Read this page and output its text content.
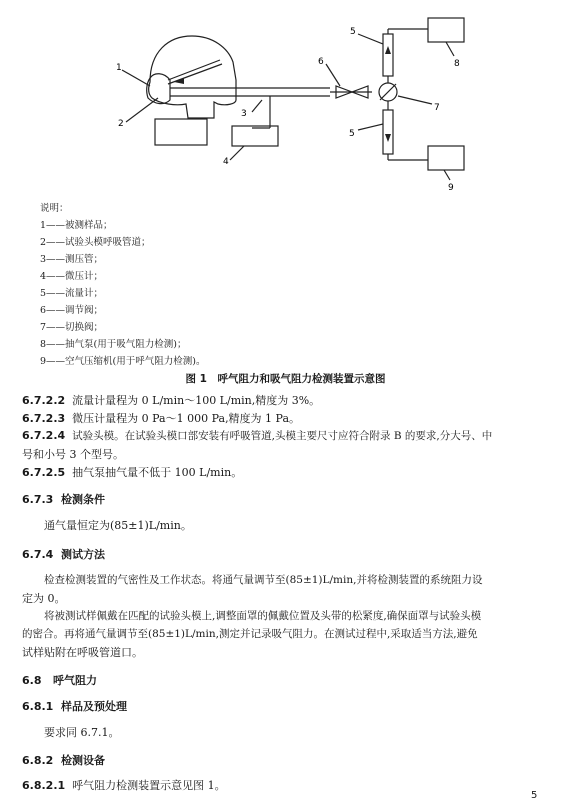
1
2
3
4
5
6
7
8
9
5
说明：
1——被测样品；
2——试验头模呼吸管道；
3——测压管；
4——微压计；
5——流量计；
6——调节阀；
7——切换阀；
8——抽气泵(用于吸气阻力检测)；
9——空气压缩机(用于呼气阻力检测)。
图 1　呼气阻力和吸气阻力检测装置示意图
6.7.2.2 流量计量程为 0 L/min～100 L/min,精度为 3%。
6.7.2.3 微压计量程为 0 Pa～1 000 Pa,精度为 1 Pa。
6.7.2.4 试验头模。在试验头模口部安装有呼吸管道,头模主要尺寸应符合附录 B 的要求,分大号、中
号和小号 3 个型号。
6.7.2.5 抽气泵抽气量不低于 100 L/min。
6.7.3 检测条件
通气量恒定为(85±1)L/min。
6.7.4 测试方法
检查检测装置的气密性及工作状态。将通气量调节至(85±1)L/min,并将检测装置的系统阻力设
定为 0。
将被测试样佩戴在匹配的试验头模上,调整面罩的佩戴位置及头带的松紧度,确保面罩与试验头模
的密合。再将通气量调节至(85±1)L/min,测定并记录吸气阻力。在测试过程中,采取适当方法,避免
试样贴附在呼吸管道口。
6.8 呼气阻力
6.8.1 样品及预处理
要求同 6.7.1。
6.8.2 检测设备
6.8.2.1 呼气阻力检测装置示意见图 1。
5
